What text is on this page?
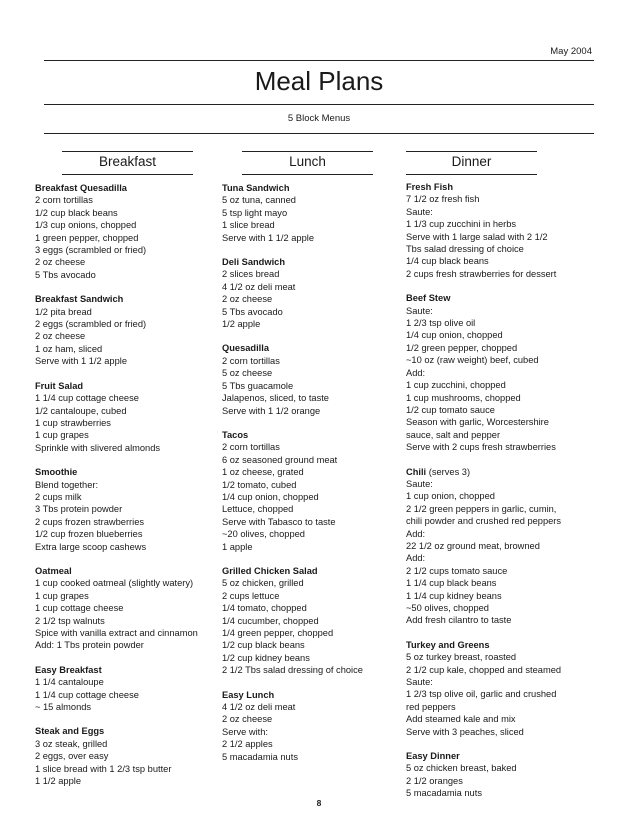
May 2004
Meal Plans
5 Block Menus
Breakfast	Lunch	Dinner
Breakfast Quesadilla
2 corn tortillas
1/2 cup black beans
1/3 cup onions, chopped
1 green pepper, chopped
3 eggs (scrambled or fried)
2 oz cheese
5 Tbs avocado
Breakfast Sandwich
1/2 pita bread
2 eggs (scrambled or fried)
2 oz cheese
1 oz ham, sliced
Serve with 1 1/2 apple
Fruit Salad
1 1/4 cup cottage cheese
1/2 cantaloupe, cubed
1 cup strawberries
1 cup grapes
Sprinkle with slivered almonds
Smoothie
Blend together:
2 cups milk
3 Tbs protein powder
2 cups frozen strawberries
1/2 cup frozen blueberries
Extra large scoop cashews
Oatmeal
1 cup cooked oatmeal (slightly watery)
1 cup grapes
1 cup cottage cheese
2 1/2 tsp walnuts
Spice with vanilla extract and cinnamon
Add: 1 Tbs protein powder
Easy Breakfast
1 1/4 cantaloupe
1 1/4 cup cottage cheese
~ 15 almonds
Steak and Eggs
3 oz steak, grilled
2 eggs, over easy
1 slice bread with 1 2/3 tsp butter
1 1/2 apple
Tuna Sandwich
5 oz tuna, canned
5 tsp light mayo
1 slice bread
Serve with 1 1/2 apple
Deli Sandwich
2 slices bread
4 1/2 oz deli meat
2 oz cheese
5 Tbs avocado
1/2 apple
Quesadilla
2 corn tortillas
5 oz cheese
5 Tbs guacamole
Jalapenos, sliced, to taste
Serve with 1 1/2 orange
Tacos
2 corn tortillas
6 oz seasoned ground meat
1 oz cheese, grated
1/2 tomato, cubed
1/4 cup onion, chopped
Lettuce, chopped
Serve with Tabasco to taste
~20 olives, chopped
1 apple
Grilled Chicken Salad
5 oz chicken, grilled
2 cups lettuce
1/4 tomato, chopped
1/4 cucumber, chopped
1/4 green pepper, chopped
1/2 cup black beans
1/2 cup kidney beans
2 1/2 Tbs salad dressing of choice
Easy Lunch
4 1/2 oz deli meat
2 oz cheese
Serve with:
2 1/2 apples
5 macadamia nuts
Fresh Fish
7 1/2 oz fresh fish
Saute:
1 1/3 cup zucchini in herbs
Serve with 1 large salad with 2 1/2
Tbs salad dressing of choice
1/4 cup black beans
2 cups fresh strawberries for dessert
Beef Stew
Saute:
1 2/3 tsp olive oil
1/4 cup onion, chopped
1/2 green pepper, chopped
~10 oz (raw weight) beef, cubed
Add:
1 cup zucchini, chopped
1 cup mushrooms, chopped
1/2 cup tomato sauce
Season with garlic, Worcestershire
sauce, salt and pepper
Serve with 2 cups fresh strawberries
Chili (serves 3)
Saute:
1 cup onion, chopped
2 1/2 green peppers in garlic, cumin,
chili powder and crushed red peppers
Add:
22 1/2 oz ground meat, browned
Add:
2 1/2 cups tomato sauce
1 1/4 cup black beans
1 1/4 cup kidney beans
~50 olives, chopped
Add fresh cilantro to taste
Turkey and Greens
5 oz turkey breast, roasted
2 1/2 cup kale, chopped and steamed
Saute:
1 2/3 tsp olive oil, garlic and crushed
red peppers
Add steamed kale and mix
Serve with 3 peaches, sliced
Easy Dinner
5 oz chicken breast, baked
2 1/2 oranges
5 macadamia nuts
8
